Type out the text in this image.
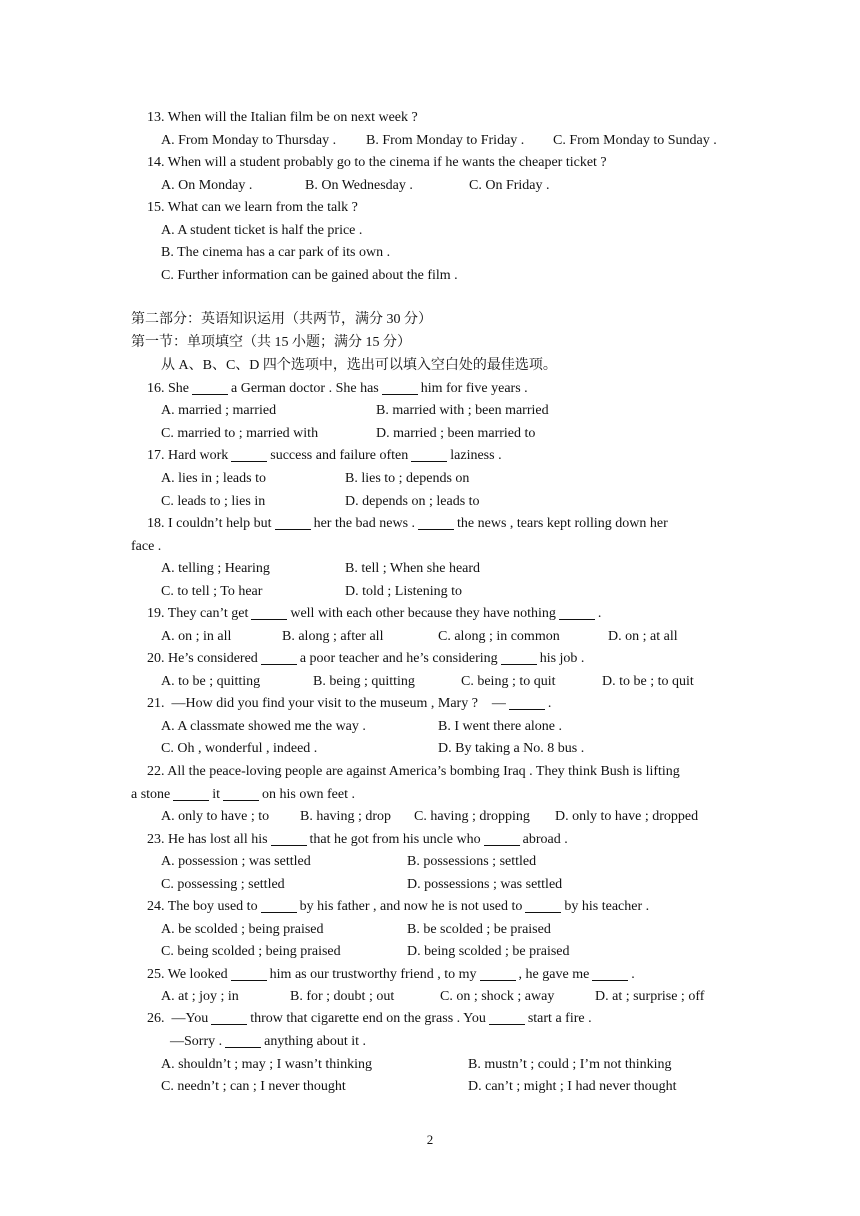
13. When will the Italian film be on next week ?
A. From Monday to Thursday . B. From Monday to Friday . C. From Monday to Sunday .
14. When will a student probably go to the cinema if he wants the cheaper ticket ?
A. On Monday .	B. On Wednesday .	C. On Friday .
15. What can we learn from the talk ?
A. A student ticket is half the price .
B. The cinema has a car park of its own .
C. Further information can be gained about the film .
第二部分：英语知识运用（共两节，满分 30 分）
第一节：单项填空（共 15 小题；满分 15 分）
从 A、B、C、D 四个选项中，选出可以填入空白处的最佳选项。
16. She	a German doctor . She has	him for five years .
A. married ; married	B. married with ; been married
C. married to ; married with	D. married ; been married to
17. Hard work	success and failure often	laziness .
A. lies in ; leads to	B. lies to ; depends on
C. leads to ; lies in	D. depends on ; leads to
18. I couldn’t help but	her the bad news .	the news , tears kept rolling down her
face .
A. telling ; Hearing	B. tell ; When she heard
C. to tell ; To hear	D. told ; Listening to
19. They can’t get	well with each other because they have nothing	.
A. on ; in all	B. along ; after all	C. along ; in common	D. on ; at all
20. He’s considered	a poor teacher and he’s considering	his job .
A. to be ; quitting	B. being ; quitting	C. being ; to quit	D. to be ; to quit
21.  —How did you find your visit to the museum , Mary ?    —	.
A. A classmate showed me the way .	B. I went there alone .
C. Oh , wonderful , indeed .	D. By taking a No. 8 bus .
22. All the peace-loving people are against America’s bombing Iraq . They think Bush is lifting
a stone	it	on his own feet .
A. only to have ; to B. having ; drop C. having ; dropping D. only to have ; dropped
23. He has lost all his	that he got from his uncle who	abroad .
A. possession ; was settled	B. possessions ; settled
C. possessing ; settled	D. possessions ; was settled
24. The boy used to	by his father , and now he is not used to	by his teacher .
A. be scolded ; being praised	B. be scolded ; be praised
C. being scolded ; being praised	D. being scolded ; be praised
25. We looked	him as our trustworthy friend , to my	, he gave me	.
A. at ; joy ; in	B. for ; doubt ; out	C. on ; shock ; away	D. at ; surprise ; off
26.  —You	throw that cigarette end on the grass . You	start a fire .
—Sorry .	anything about it .
A. shouldn’t ; may ; I wasn’t thinking	B. mustn’t ; could ; I’m not thinking
C. needn’t ; can ; I never thought	D. can’t ; might ; I had never thought
2
